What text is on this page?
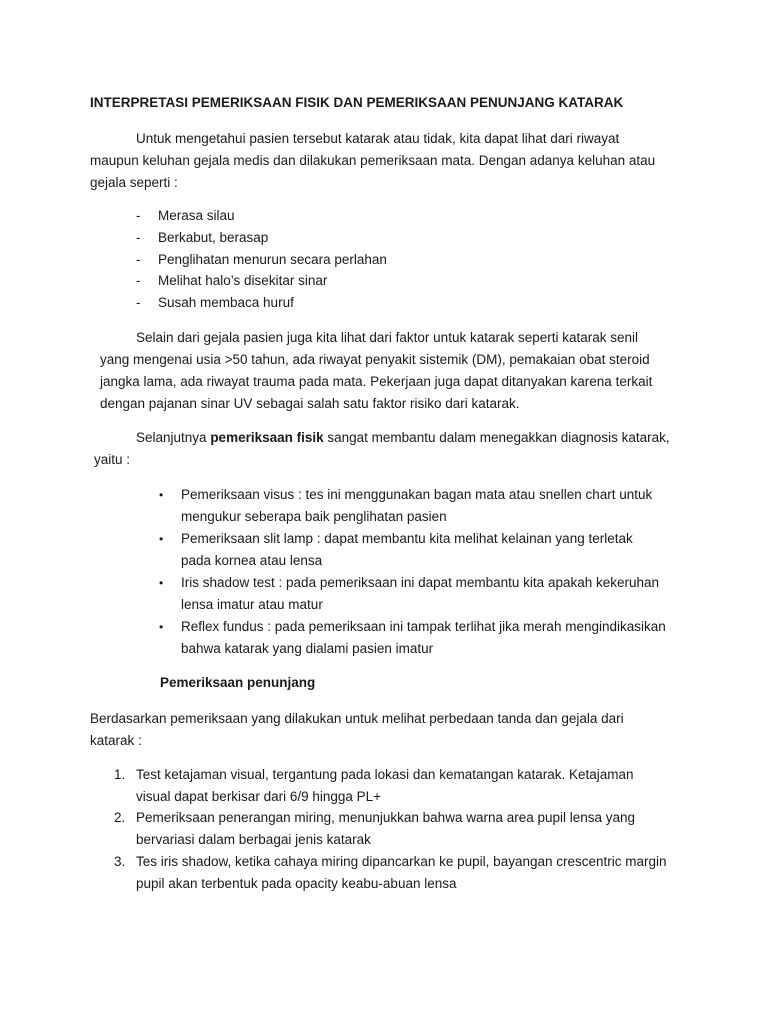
INTERPRETASI PEMERIKSAAN FISIK DAN PEMERIKSAAN PENUNJANG KATARAK
Untuk mengetahui pasien tersebut katarak atau tidak, kita dapat lihat dari riwayat
maupun keluhan gejala medis dan dilakukan pemeriksaan mata. Dengan adanya keluhan atau
gejala seperti :
- Merasa silau
- Berkabut, berasap
- Penglihatan menurun secara perlahan
- Melihat halo’s disekitar sinar
- Susah membaca huruf
Selain dari gejala pasien juga kita lihat dari faktor untuk katarak seperti katarak senil
yang mengenai usia >50 tahun, ada riwayat penyakit sistemik (DM), pemakaian obat steroid
jangka lama, ada riwayat trauma pada mata. Pekerjaan juga dapat ditanyakan karena terkait
dengan pajanan sinar UV sebagai salah satu faktor risiko dari katarak.
Selanjutnya pemeriksaan fisik sangat membantu dalam menegakkan diagnosis katarak,
yaitu :
• Pemeriksaan visus : tes ini menggunakan bagan mata atau snellen chart untuk
mengukur seberapa baik penglihatan pasien
• Pemeriksaan slit lamp : dapat membantu kita melihat kelainan yang terletak
pada kornea atau lensa
• Iris shadow test : pada pemeriksaan ini dapat membantu kita apakah kekeruhan
lensa imatur atau matur
• Reflex fundus : pada pemeriksaan ini tampak terlihat jika merah mengindikasikan
bahwa katarak yang dialami pasien imatur
Pemeriksaan penunjang
Berdasarkan pemeriksaan yang dilakukan untuk melihat perbedaan tanda dan gejala dari
katarak :
1. Test ketajaman visual, tergantung pada lokasi dan kematangan katarak. Ketajaman
visual dapat berkisar dari 6/9 hingga PL+
2. Pemeriksaan penerangan miring, menunjukkan bahwa warna area pupil lensa yang
bervariasi dalam berbagai jenis katarak
3. Tes iris shadow, ketika cahaya miring dipancarkan ke pupil, bayangan crescentric margin
pupil akan terbentuk pada opacity keabu-abuan lensa
